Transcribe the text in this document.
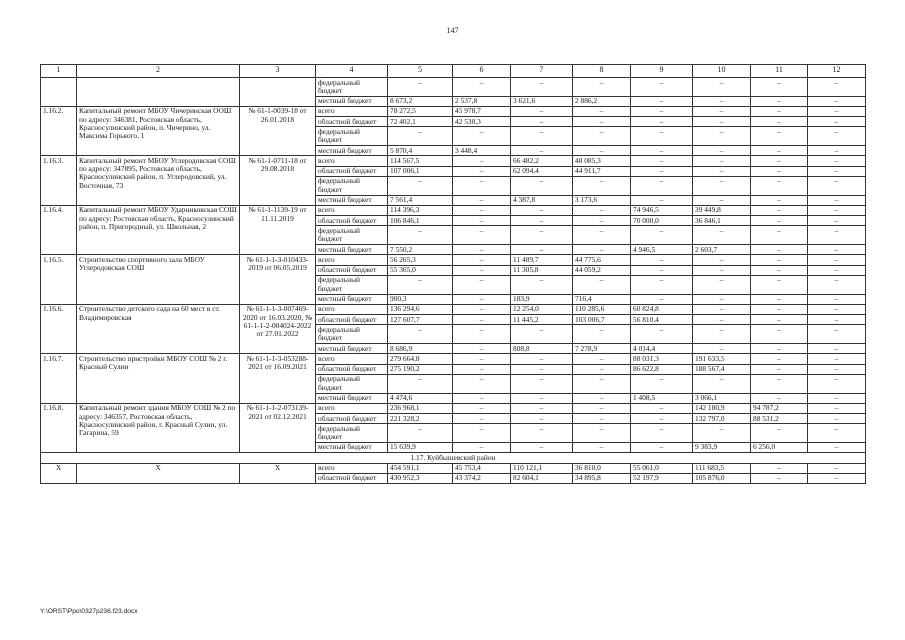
147
1	2	3	4	5	6	7	8	9	10	11	12
			федеральный бюджет	–	–	–	–	–	–	–	–
			местный бюджет	8 673,2	2 537,8	3 621,6	2 886,2	–	–	–	–
1.16.2.	Капитальный ремонт МБОУ Чичеринская ООШ по адресу: 346381, Ростовская область, Красносулинский район, п. Чичерино, ул. Максима Горького, 1	№ 61-1-0039-18 от 26.01.2018	всего	78 272,5	45 978,7	–	–	–	–	–	–
			областной бюджет	72 402,1	42 530,3	–	–	–	–	–	–
			федеральный бюджет	–	–	–	–	–	–	–	–
			местный бюджет	5 870,4	3 448,4	–	–	–	–	–	–
1.16.3.	Капитальный ремонт МБОУ Углеродовская СОШ по адресу: 347895, Ростовская область, Красносулинский район, п. Углеродовский, ул. Восточная, 73	№ 61-1-0711-18 от 29.08.2018	всего	114 567,5	–	66 482,2	48 085,3	–	–	–	–
			областной бюджет	107 006,1	–	62 094,4	44 911,7	–	–	–	–
			федеральный бюджет	–	–	–	–	–	–	–	–
			местный бюджет	7 561,4	–	4 387,8	3 173,6	–	–	–	–
1.16.4.	Капитальный ремонт МБОУ Ударниковская СОШ по адресу: Ростовская область, Красносулинский район, п. Пригородный, ул. Школьная, 2	№ 61-1-1139-19 от 11.11.2019	всего	114 396,3	–	–	–	74 946,5	39 449,8	–	–
			областной бюджет	106 846,1	–	–	–	70 000,0	36 846,1	–	–
			федеральный бюджет	–	–	–	–	–	–	–	–
			местный бюджет	7 550,2	–	–	–	4 946,5	2 603,7	–	–
1.16.5.	Строительство спортивного зала МБОУ Углеродовская СОШ	№ 61-1-1-3-010433-2019 от 06.05.2019	всего	56 265,3	–	11 489,7	44 775,6	–	–	–	–
			областной бюджет	55 365,0	–	11 305,8	44 059,2	–	–	–	–
			федеральный бюджет	–	–	–	–	–	–	–	–
			местный бюджет	900,3	–	183,9	716,4	–	–	–	–
1.16.6.	Строительство детского сада на 60 мест в ст. Владимировская	№ 61-1-1-3-007469-2020 от 16.03.2020, № 61-1-1-2-004024-2022 от 27.01.2022	всего	136 294,6	–	12 254,0	110 285,6	60 824,8	–	–	–
			областной бюджет	127 607,7	–	11 445,2	103 006,7	56 810,4	–	–	–
			федеральный бюджет	–	–	–	–	–	–	–	–
			местный бюджет	8 686,9	–	808,8	7 278,9	4 014,4	–	–	–
1.16.7.	Строительство пристройки МБОУ СОШ № 2 г. Красный Сулин	№ 61-1-1-3-053288-2021 от 16.09.2021	всего	279 664,8	–	–	–	88 031,3	191 633,5	–	–
			областной бюджет	275 190,2	–	–	–	86 622,8	188 567,4	–	–
			федеральный бюджет	–	–	–	–	–	–	–	–
			местный бюджет	4 474,6	–	–	–	1 408,5	3 066,1	–	–
1.16.8.	Капитальный ремонт здания МБОУ СОШ № 2 по адресу: 346357, Ростовская область, Красносулинский район, г. Красный Сулин, ул. Гагарина, 59	№ 61-1-1-2-073139-2021 от 02.12.2021	всего	236 968,1	–	–	–	–	142 180,9	94 787,2	–
			областной бюджет	221 328,2	–	–	–	–	132 797,0	88 531,2	–
			федеральный бюджет	–	–	–	–	–	–	–	–
			местный бюджет	15 639,9	–	–	–	–	9 383,9	6 256,0	–
1.17. Куйбышевский район											
Х	Х	Х	всего	454 591,1	45 753,4	110 121,1	36 810,0	55 061,0	111 683,5	–	–
			областной бюджет	430 952,3	43 374,2	82 604,1	34 895,8	52 197,9	105 876,0	–	–
Y:\ORST\Ppo\0327p236.f23.docx
